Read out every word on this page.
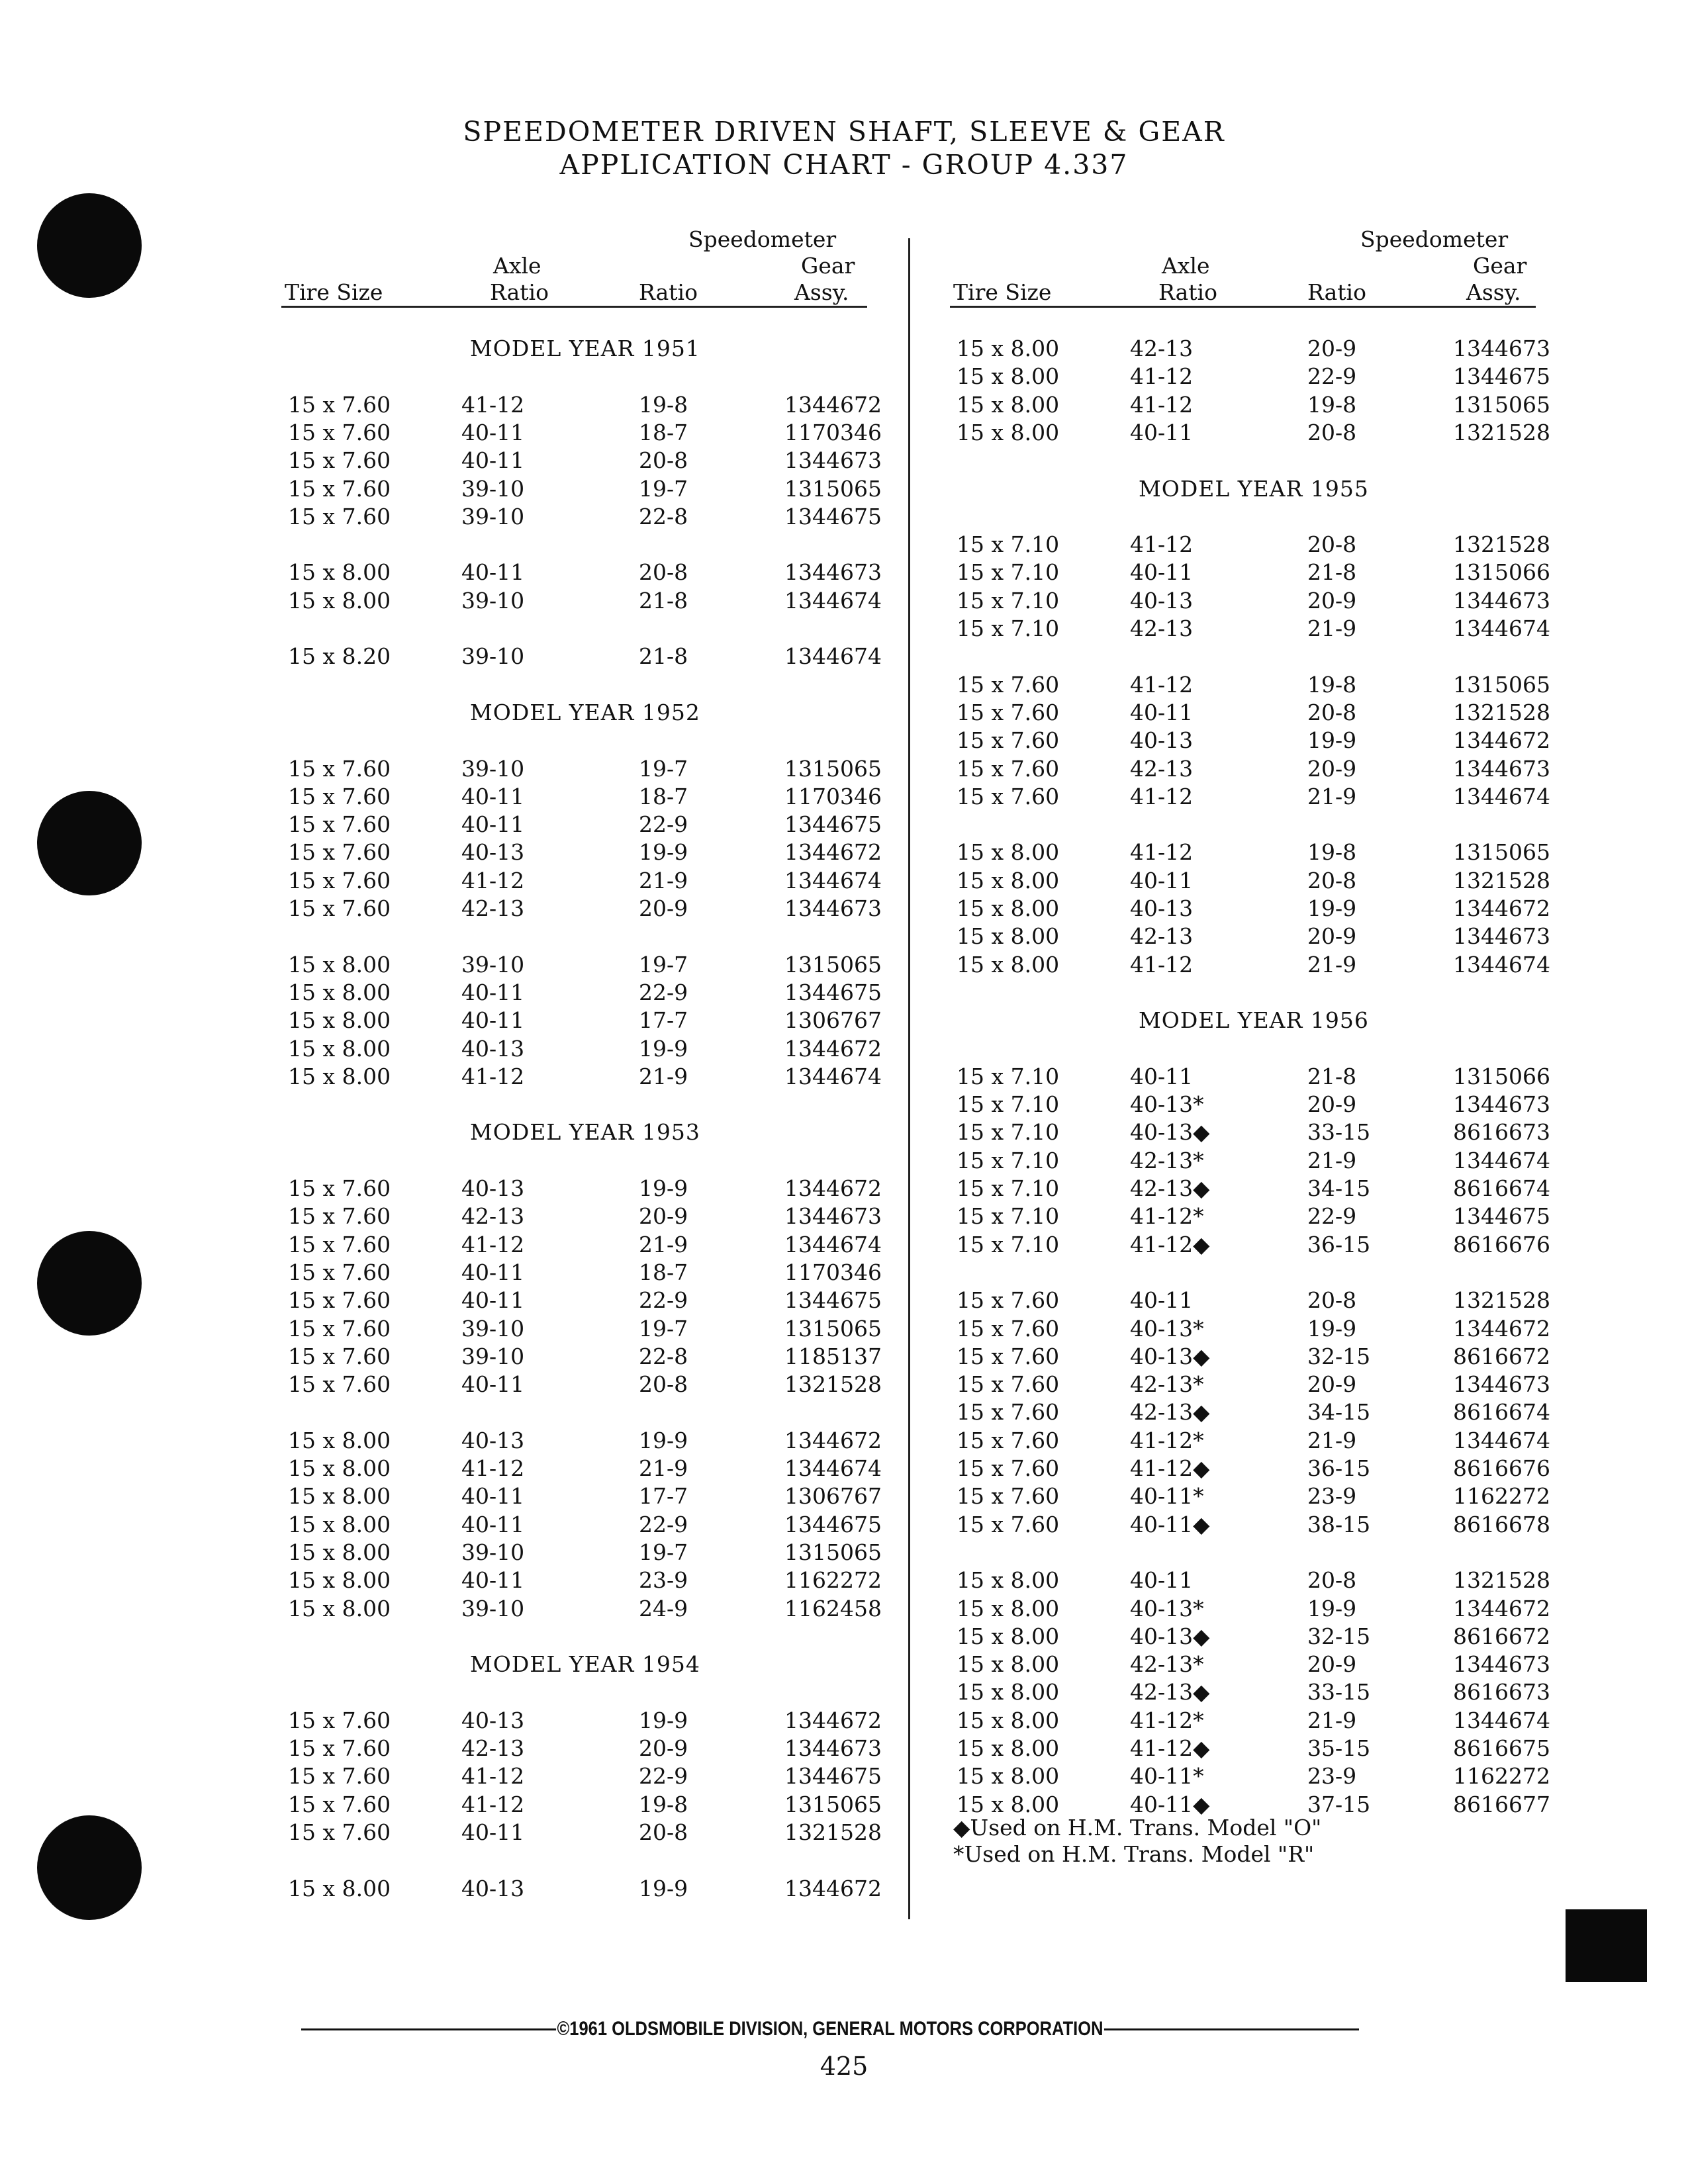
SPEEDOMETER DRIVEN SHAFT, SLEEVE & GEAR
APPLICATION CHART - GROUP 4.337
Speedometer
Axle	Gear
Tire Size	Ratio	Ratio	Assy.
Speedometer
Axle	Gear
Tire Size	Ratio	Ratio	Assy.
MODEL YEAR 1951
15 x 7.60	41-12	19-8	1344672
15 x 7.60	40-11	18-7	1170346
15 x 7.60	40-11	20-8	1344673
15 x 7.60	39-10	19-7	1315065
15 x 7.60	39-10	22-8	1344675
15 x 8.00	40-11	20-8	1344673
15 x 8.00	39-10	21-8	1344674
15 x 8.20	39-10	21-8	1344674
MODEL YEAR 1952
15 x 7.60	39-10	19-7	1315065
15 x 7.60	40-11	18-7	1170346
15 x 7.60	40-11	22-9	1344675
15 x 7.60	40-13	19-9	1344672
15 x 7.60	41-12	21-9	1344674
15 x 7.60	42-13	20-9	1344673
15 x 8.00	39-10	19-7	1315065
15 x 8.00	40-11	22-9	1344675
15 x 8.00	40-11	17-7	1306767
15 x 8.00	40-13	19-9	1344672
15 x 8.00	41-12	21-9	1344674
MODEL YEAR 1953
15 x 7.60	40-13	19-9	1344672
15 x 7.60	42-13	20-9	1344673
15 x 7.60	41-12	21-9	1344674
15 x 7.60	40-11	18-7	1170346
15 x 7.60	40-11	22-9	1344675
15 x 7.60	39-10	19-7	1315065
15 x 7.60	39-10	22-8	1185137
15 x 7.60	40-11	20-8	1321528
15 x 8.00	40-13	19-9	1344672
15 x 8.00	41-12	21-9	1344674
15 x 8.00	40-11	17-7	1306767
15 x 8.00	40-11	22-9	1344675
15 x 8.00	39-10	19-7	1315065
15 x 8.00	40-11	23-9	1162272
15 x 8.00	39-10	24-9	1162458
MODEL YEAR 1954
15 x 7.60	40-13	19-9	1344672
15 x 7.60	42-13	20-9	1344673
15 x 7.60	41-12	22-9	1344675
15 x 7.60	41-12	19-8	1315065
15 x 7.60	40-11	20-8	1321528
15 x 8.00	40-13	19-9	1344672
15 x 8.00	42-13	20-9	1344673
15 x 8.00	41-12	22-9	1344675
15 x 8.00	41-12	19-8	1315065
15 x 8.00	40-11	20-8	1321528
MODEL YEAR 1955
15 x 7.10	41-12	20-8	1321528
15 x 7.10	40-11	21-8	1315066
15 x 7.10	40-13	20-9	1344673
15 x 7.10	42-13	21-9	1344674
15 x 7.60	41-12	19-8	1315065
15 x 7.60	40-11	20-8	1321528
15 x 7.60	40-13	19-9	1344672
15 x 7.60	42-13	20-9	1344673
15 x 7.60	41-12	21-9	1344674
15 x 8.00	41-12	19-8	1315065
15 x 8.00	40-11	20-8	1321528
15 x 8.00	40-13	19-9	1344672
15 x 8.00	42-13	20-9	1344673
15 x 8.00	41-12	21-9	1344674
MODEL YEAR 1956
15 x 7.10	40-11	21-8	1315066
15 x 7.10	40-13*	20-9	1344673
15 x 7.10	40-13◆	33-15	8616673
15 x 7.10	42-13*	21-9	1344674
15 x 7.10	42-13◆	34-15	8616674
15 x 7.10	41-12*	22-9	1344675
15 x 7.10	41-12◆	36-15	8616676
15 x 7.60	40-11	20-8	1321528
15 x 7.60	40-13*	19-9	1344672
15 x 7.60	40-13◆	32-15	8616672
15 x 7.60	42-13*	20-9	1344673
15 x 7.60	42-13◆	34-15	8616674
15 x 7.60	41-12*	21-9	1344674
15 x 7.60	41-12◆	36-15	8616676
15 x 7.60	40-11*	23-9	1162272
15 x 7.60	40-11◆	38-15	8616678
15 x 8.00	40-11	20-8	1321528
15 x 8.00	40-13*	19-9	1344672
15 x 8.00	40-13◆	32-15	8616672
15 x 8.00	42-13*	20-9	1344673
15 x 8.00	42-13◆	33-15	8616673
15 x 8.00	41-12*	21-9	1344674
15 x 8.00	41-12◆	35-15	8616675
15 x 8.00	40-11*	23-9	1162272
15 x 8.00	40-11◆	37-15	8616677
◆Used on H.M. Trans. Model "O"
*Used on H.M. Trans. Model "R"
©1961 OLDSMOBILE DIVISION, GENERAL MOTORS CORPORATION
425
